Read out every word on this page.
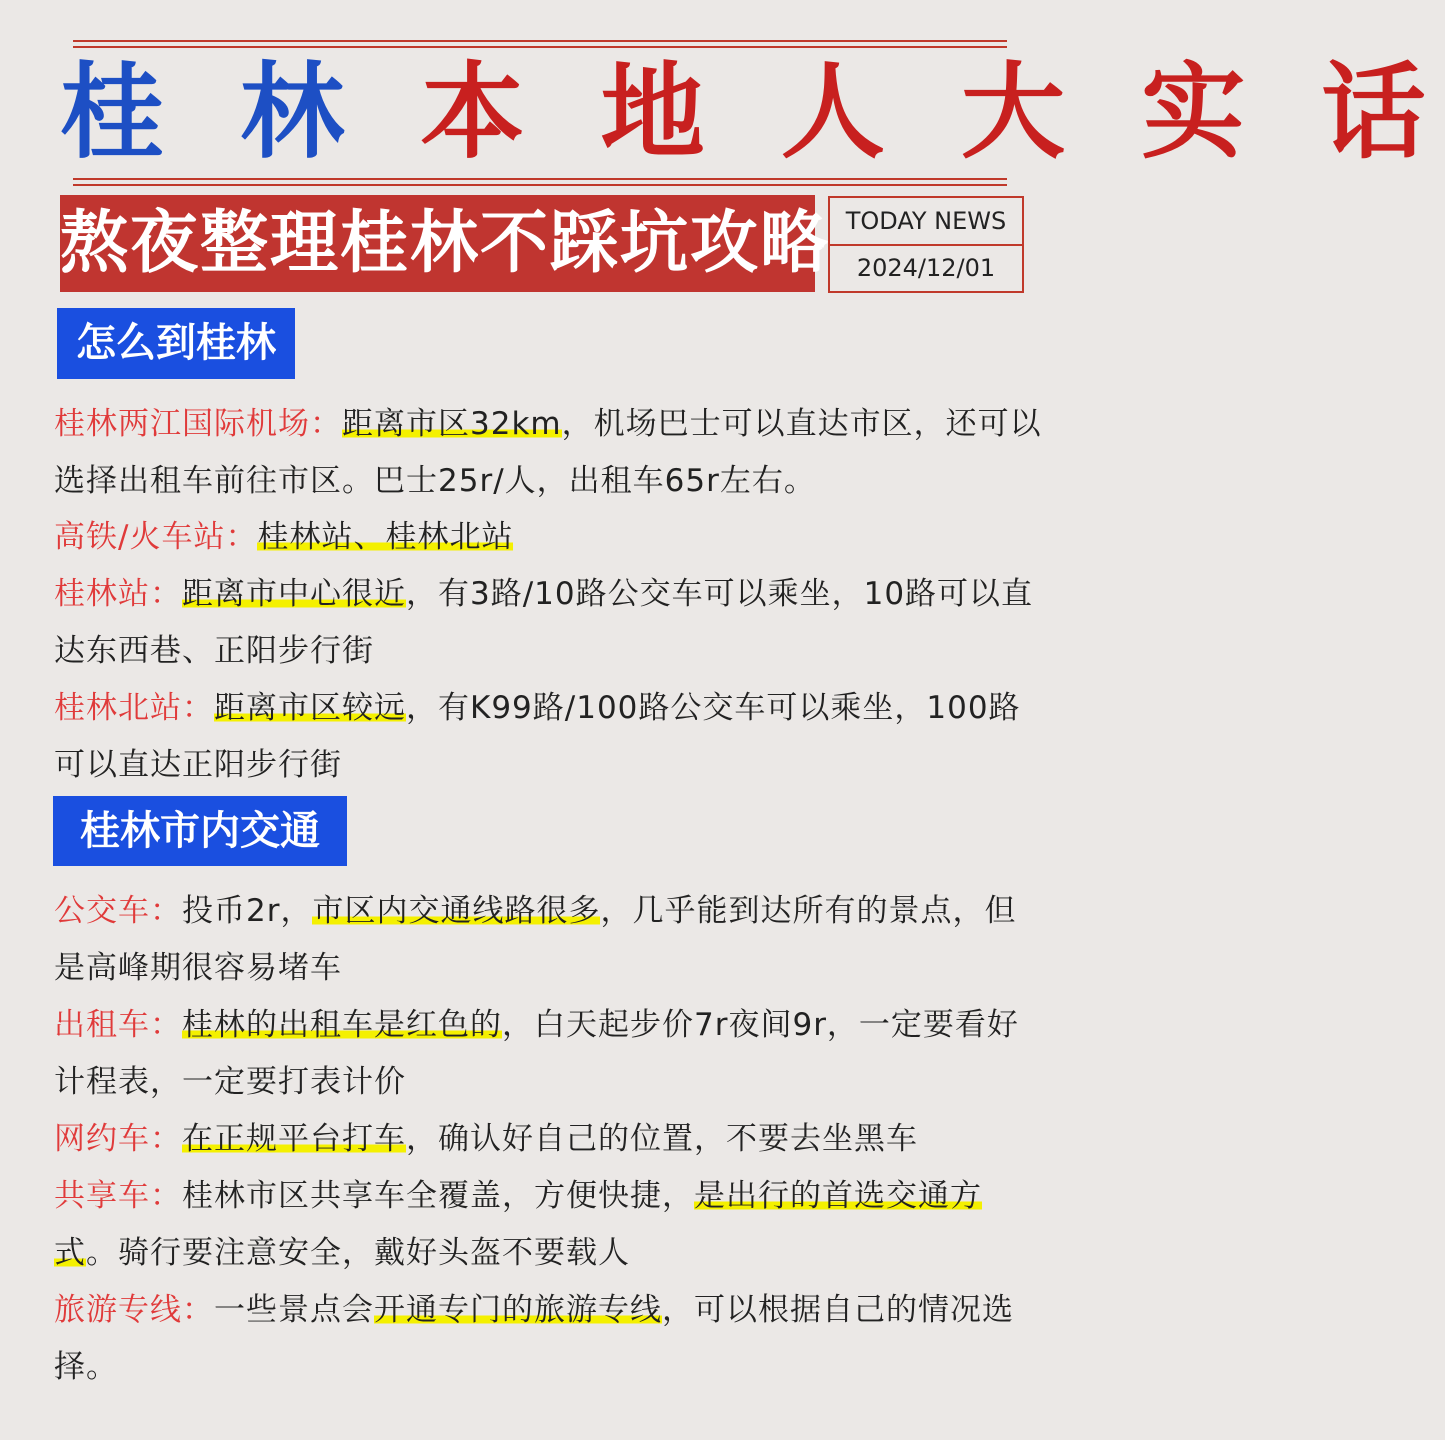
桂 林 本 地 人 大 实 话
熬夜整理桂林不踩坑攻略 TODAY NEWS
2024/12/01
怎么到桂林
桂林两江国际机场：距离市区32km，机场巴士可以直达市区，还可以选择出租车前往市区。巴士25r/人，出租车65r左右。
高铁/火车站：桂林站、桂林北站
桂林站：距离市中心很近，有3路/10路公交车可以乘坐，10路可以直达东西巷、正阳步行街
桂林北站：距离市区较远，有K99路/100路公交车可以乘坐，100路可以直达正阳步行街
桂林市内交通
公交车：投币2r，市区内交通线路很多，几乎能到达所有的景点，但是高峰期很容易堵车
出租车：桂林的出租车是红色的，白天起步价7r夜间9r，一定要看好计程表，一定要打表计价
网约车：在正规平台打车，确认好自己的位置，不要去坐黑车
共享车：桂林市区共享车全覆盖，方便快捷，是出行的首选交通方式。骑行要注意安全，戴好头盔不要载人
旅游专线：一些景点会开通专门的旅游专线，可以根据自己的情况选择。
